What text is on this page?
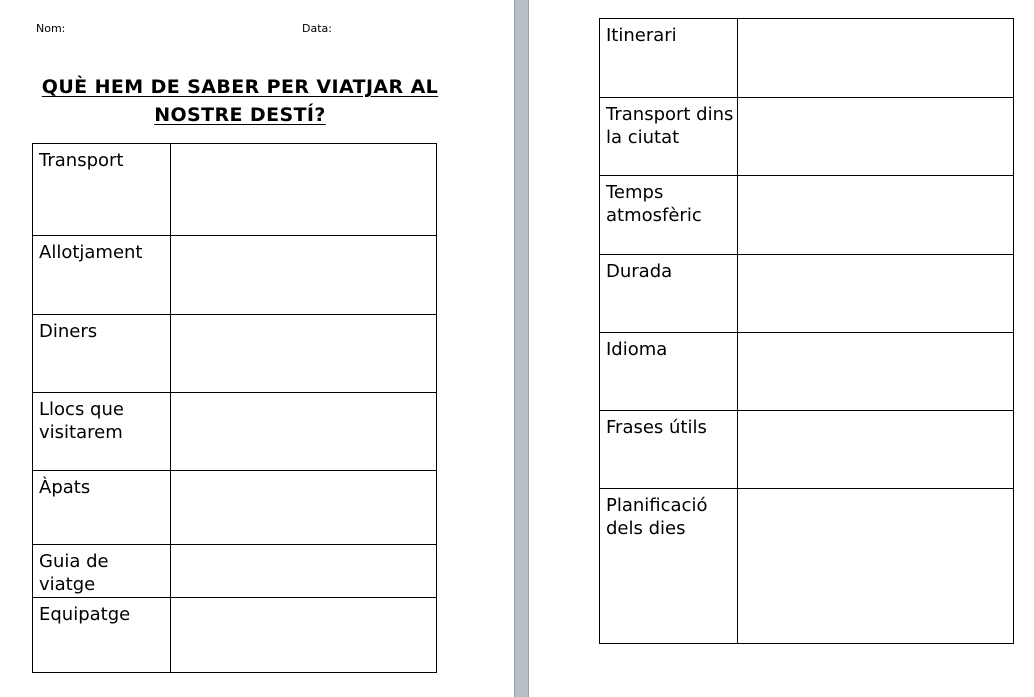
Nom:	Data:
QUÈ HEM DE SABER PER VIATJAR AL
NOSTRE DESTÍ?
Transport	
Allotjament	
Diners	
Llocs que visitarem	
Àpats	
Guia de viatge	
Equipatge	
Itinerari	
Transport dins la ciutat	
Temps atmosfèric	
Durada	
Idioma	
Frases útils	
Planificació dels dies	
